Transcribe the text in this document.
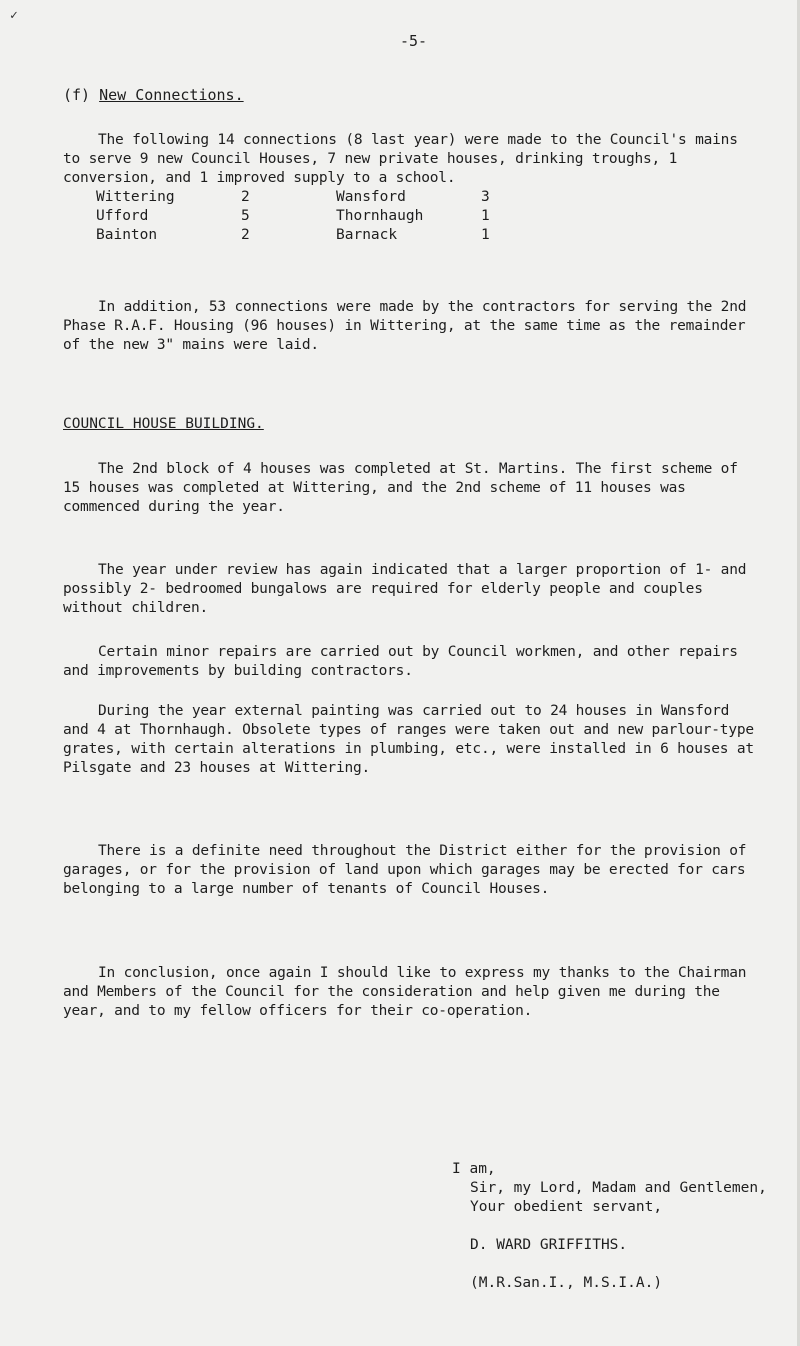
✓
-5-
(f) New Connections.

The following 14 connections (8 last year) were made to the Council's mains to serve 9 new Council Houses, 7 new private houses, drinking troughs, 1 conversion, and 1 improved supply to a school.

Wittering	2	Wansford	3
Ufford	5	Thornhaugh	1
Bainton	2	Barnack	1

In addition, 53 connections were made by the contractors for serving the 2nd Phase R.A.F. Housing (96 houses) in Wittering, at the same time as the remainder of the new 3" mains were laid.

COUNCIL HOUSE BUILDING.

The 2nd block of 4 houses was completed at St. Martins. The first scheme of 15 houses was completed at Wittering, and the 2nd scheme of 11 houses was commenced during the year.

The year under review has again indicated that a larger proportion of 1- and possibly 2- bedroomed bungalows are required for elderly people and couples without children.

Certain minor repairs are carried out by Council workmen, and other repairs and improvements by building contractors.

During the year external painting was carried out to 24 houses in Wansford and 4 at Thornhaugh. Obsolete types of ranges were taken out and new parlour-type grates, with certain alterations in plumbing, etc., were installed in 6 houses at Pilsgate and 23 houses at Wittering.

There is a definite need throughout the District either for the provision of garages, or for the provision of land upon which garages may be erected for cars belonging to a large number of tenants of Council Houses.

In conclusion, once again I should like to express my thanks to the Chairman and Members of the Council for the consideration and help given me during the year, and to my fellow officers for their co-operation.

I am,
Sir, my Lord, Madam and Gentlemen,
Your obedient servant,
D. WARD GRIFFITHS.
(M.R.San.I., M.S.I.A.)
